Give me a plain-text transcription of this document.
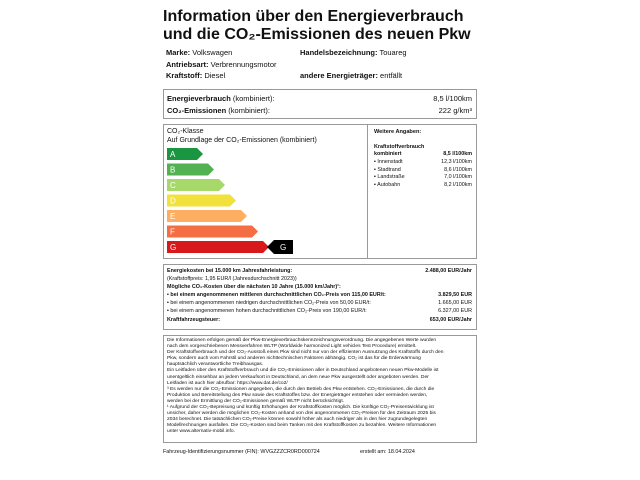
Information über den Energieverbrauch
und die CO₂-Emissionen des neuen Pkw
Marke: Volkswagen	Handelsbezeichnung: Touareg
Antriebsart: Verbrennungsmotor
Kraftstoff: Diesel	andere Energieträger: entfällt
Energieverbrauch (kombiniert):	8,5 l/100km
CO₂-Emissionen (kombiniert):	222 g/km³
CO₂-Klasse
Auf Grundlage der CO₂-Emissionen (kombiniert)
A
B
C
D
E
F
G	G
Weitere Angaben:
Kraftstoffverbrauch
kombiniert	8,5 l/100km
▪ Innenstadt	12,3 l/100km
▪ Stadtrand	8,6 l/100km
▪ Landstraße	7,0 l/100km
▪ Autobahn	8,2 l/100km
Energiekosten bei 15.000 km Jahresfahrleistung:	2.488,00 EUR/Jahr
(Kraftstoffpreis: 1,95 EUR/l (Jahresdurchschnitt 2023))
Mögliche CO₂-Kosten über die nächsten 10 Jahre (15.000 km/Jahr)¹:
▪ bei einem angenommenen mittleren durchschnittlichen CO₂-Preis von 115,00 EUR/t:	3.829,50 EUR
▪ bei einem angenommenen niedrigen durchschnittlichen CO₂-Preis von 50,00 EUR/t:	1.665,00 EUR
▪ bei einem angenommenen hohen durchschnittlichen CO₂-Preis von 190,00 EUR/t:	6.327,00 EUR
Kraftfahrzeugsteuer:	653,00 EUR/Jahr
Die Informationen erfolgen gemäß der Pkw-Energieverbrauchskennzeichnungsverordnung. Die angegebenen Werte wurden
nach dem vorgeschriebenen Messverfahren WLTP (Worldwide harmonized Light vehicles Test Procedure) ermittelt.
Der Kraftstoffverbrauch und der CO₂-Ausstoß eines Pkw sind nicht nur von der effizienten Ausnutzung des Kraftstoffs durch den
Pkw, sondern auch vom Fahrstil und anderen nichttechnischen Faktoren abhängig. CO₂ ist das für die Erderwärmung
hauptsächlich verantwortliche Treibhausgas.
Ein Leitfaden über den Kraftstoffverbrauch und die CO₂-Emissionen aller in Deutschland angebotenen neuen Pkw-Modelle ist
unentgeltlich einsehbar an jedem Verkaufsort in Deutschland, an dem neue Pkw ausgestellt oder angeboten werden. Der
Leitfaden ist auch hier abrufbar: https://www.dat.de/co2/
³ Es werden nur die CO₂-Emissionen angegeben, die durch den Betrieb des Pkw entstehen. CO₂-Emissionen, die durch die
Produktion und Bereitstellung des Pkw sowie des Kraftstoffes bzw. der Energieträger entstehen oder vermieden werden,
werden bei der Ermittlung der CO₂-Emissionen gemäß WLTP nicht berücksichtigt.
¹ Aufgrund der CO₂-Bepreisung und künftig Erhöhungen der Kraftstoffkosten möglich. Die künftige CO₂-Preisentwicklung ist
unsicher, daher werden die möglichen CO₂-Kosten anhand von drei angenommenen CO₂-Preisen für den Zeitraum 2025 bis
2034 berechnet. Die tatsächlichen CO₂-Preise können sowohl höher als auch niedriger als in den hier zugrundegelegten
Modellrechnungen ausfallen. Die CO₂-Kosten sind beim Tanken mit den Kraftstoffkosten zu bezahlen. Weitere Informationen
unter www.alternativ-mobil.info.
Fahrzeug-Identifizierungsnummer (FIN): WVGZZZCR0RD000724	erstellt am: 18.04.2024
